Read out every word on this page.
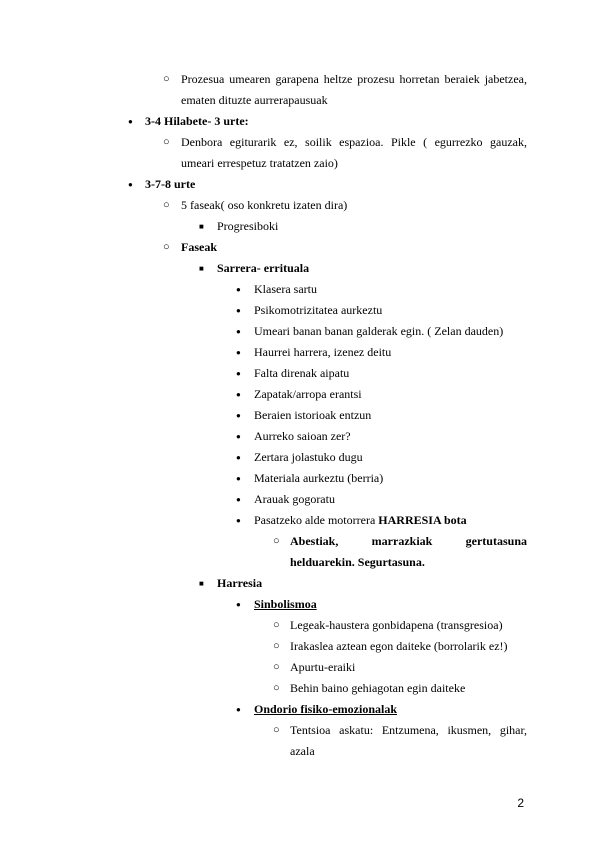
○ Prozesua umearen garapena heltze prozesu horretan beraiek jabetzea,
ematen dituzte aurrerapausuak
● 3-4 Hilabete- 3 urte:
○ Denbora egiturarik ez, soilik espazioa. Pikle ( egurrezko gauzak,
umeari errespetuz tratatzen zaio)
● 3-7-8 urte
○ 5 faseak( oso konkretu izaten dira)
■ Progresiboki
○ Faseak
■ Sarrera- errituala
● Klasera sartu
● Psikomotrizitatea aurkeztu
● Umeari banan banan galderak egin. ( Zelan dauden)
● Haurrei harrera, izenez deitu
● Falta direnak aipatu
● Zapatak/arropa erantsi
● Beraien istorioak entzun
● Aurreko saioan zer?
● Zertara jolastuko dugu
● Materiala aurkeztu (berria)
● Arauak gogoratu
● Pasatzeko alde motorrera HARRESIA bota
○ Abestiak, marrazkiak gertutasuna
helduarekin. Segurtasuna.
■ Harresia
● Sinbolismoa
○ Legeak-haustera gonbidapena (transgresioa)
○ Irakaslea aztean egon daiteke (borrolarik ez!)
○ Apurtu-eraiki
○ Behin baino gehiagotan egin daiteke
● Ondorio fisiko-emozionalak
○ Tentsioa askatu: Entzumena, ikusmen, gihar,
azala
2
